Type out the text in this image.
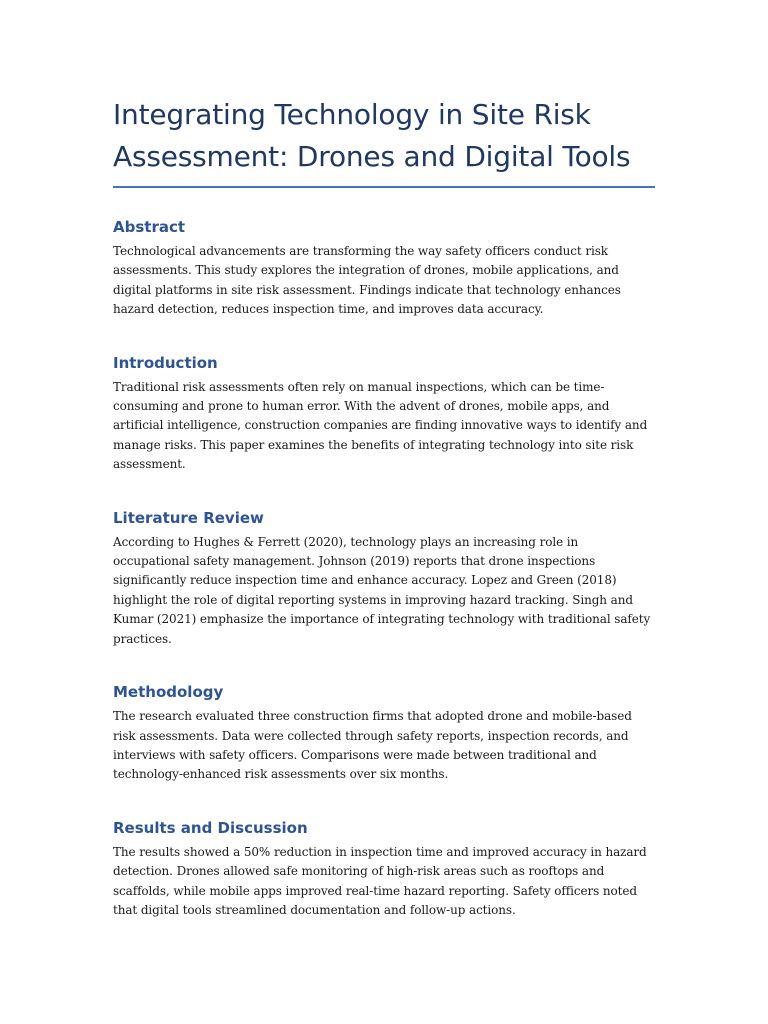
Integrating Technology in Site Risk Assessment: Drones and Digital Tools
Abstract

Technological advancements are transforming the way safety officers conduct risk assessments. This study explores the integration of drones, mobile applications, and digital platforms in site risk assessment. Findings indicate that technology enhances hazard detection, reduces inspection time, and improves data accuracy.

Introduction

Traditional risk assessments often rely on manual inspections, which can be time-consuming and prone to human error. With the advent of drones, mobile apps, and artificial intelligence, construction companies are finding innovative ways to identify and manage risks. This paper examines the benefits of integrating technology into site risk assessment.

Literature Review

According to Hughes & Ferrett (2020), technology plays an increasing role in occupational safety management. Johnson (2019) reports that drone inspections significantly reduce inspection time and enhance accuracy. Lopez and Green (2018) highlight the role of digital reporting systems in improving hazard tracking. Singh and Kumar (2021) emphasize the importance of integrating technology with traditional safety practices.

Methodology

The research evaluated three construction firms that adopted drone and mobile-based risk assessments. Data were collected through safety reports, inspection records, and interviews with safety officers. Comparisons were made between traditional and technology-enhanced risk assessments over six months.

Results and Discussion

The results showed a 50% reduction in inspection time and improved accuracy in hazard detection. Drones allowed safe monitoring of high-risk areas such as rooftops and scaffolds, while mobile apps improved real-time hazard reporting. Safety officers noted that digital tools streamlined documentation and follow-up actions.
